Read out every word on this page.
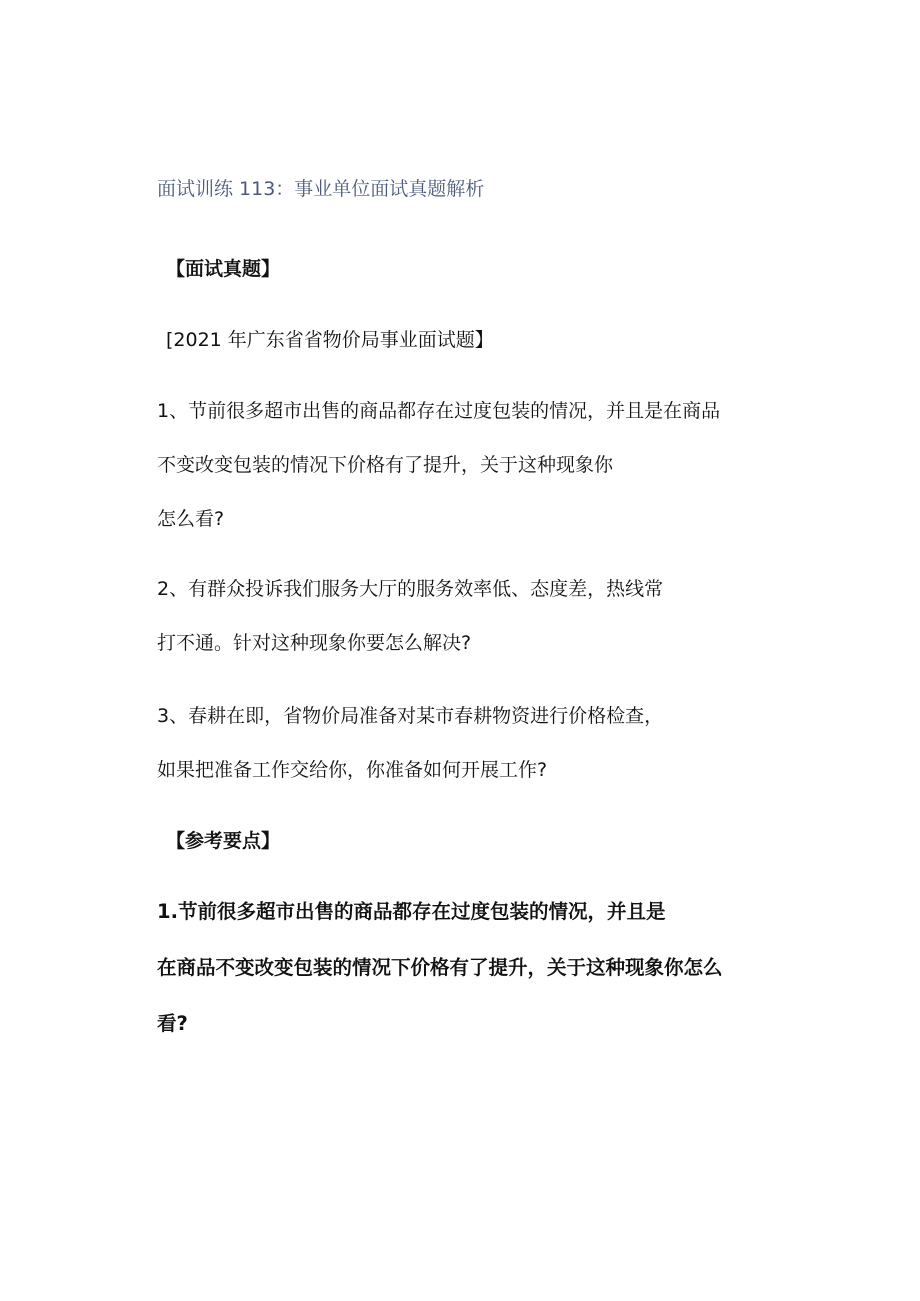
面试训练 113：事业单位面试真题解析
【面试真题】
[2021 年广东省省物价局事业面试题】
1、节前很多超市出售的商品都存在过度包装的情况，并且是在商品
不变改变包装的情况下价格有了提升，关于这种现象你
怎么看?
2、有群众投诉我们服务大厅的服务效率低、态度差，热线常
打不通。针对这种现象你要怎么解决?
3、春耕在即，省物价局准备对某市春耕物资进行价格检查，
如果把准备工作交给你，你准备如何开展工作?
【参考要点】
1.节前很多超市出售的商品都存在过度包装的情况，并且是
在商品不变改变包装的情况下价格有了提升，关于这种现象你怎么
看?
